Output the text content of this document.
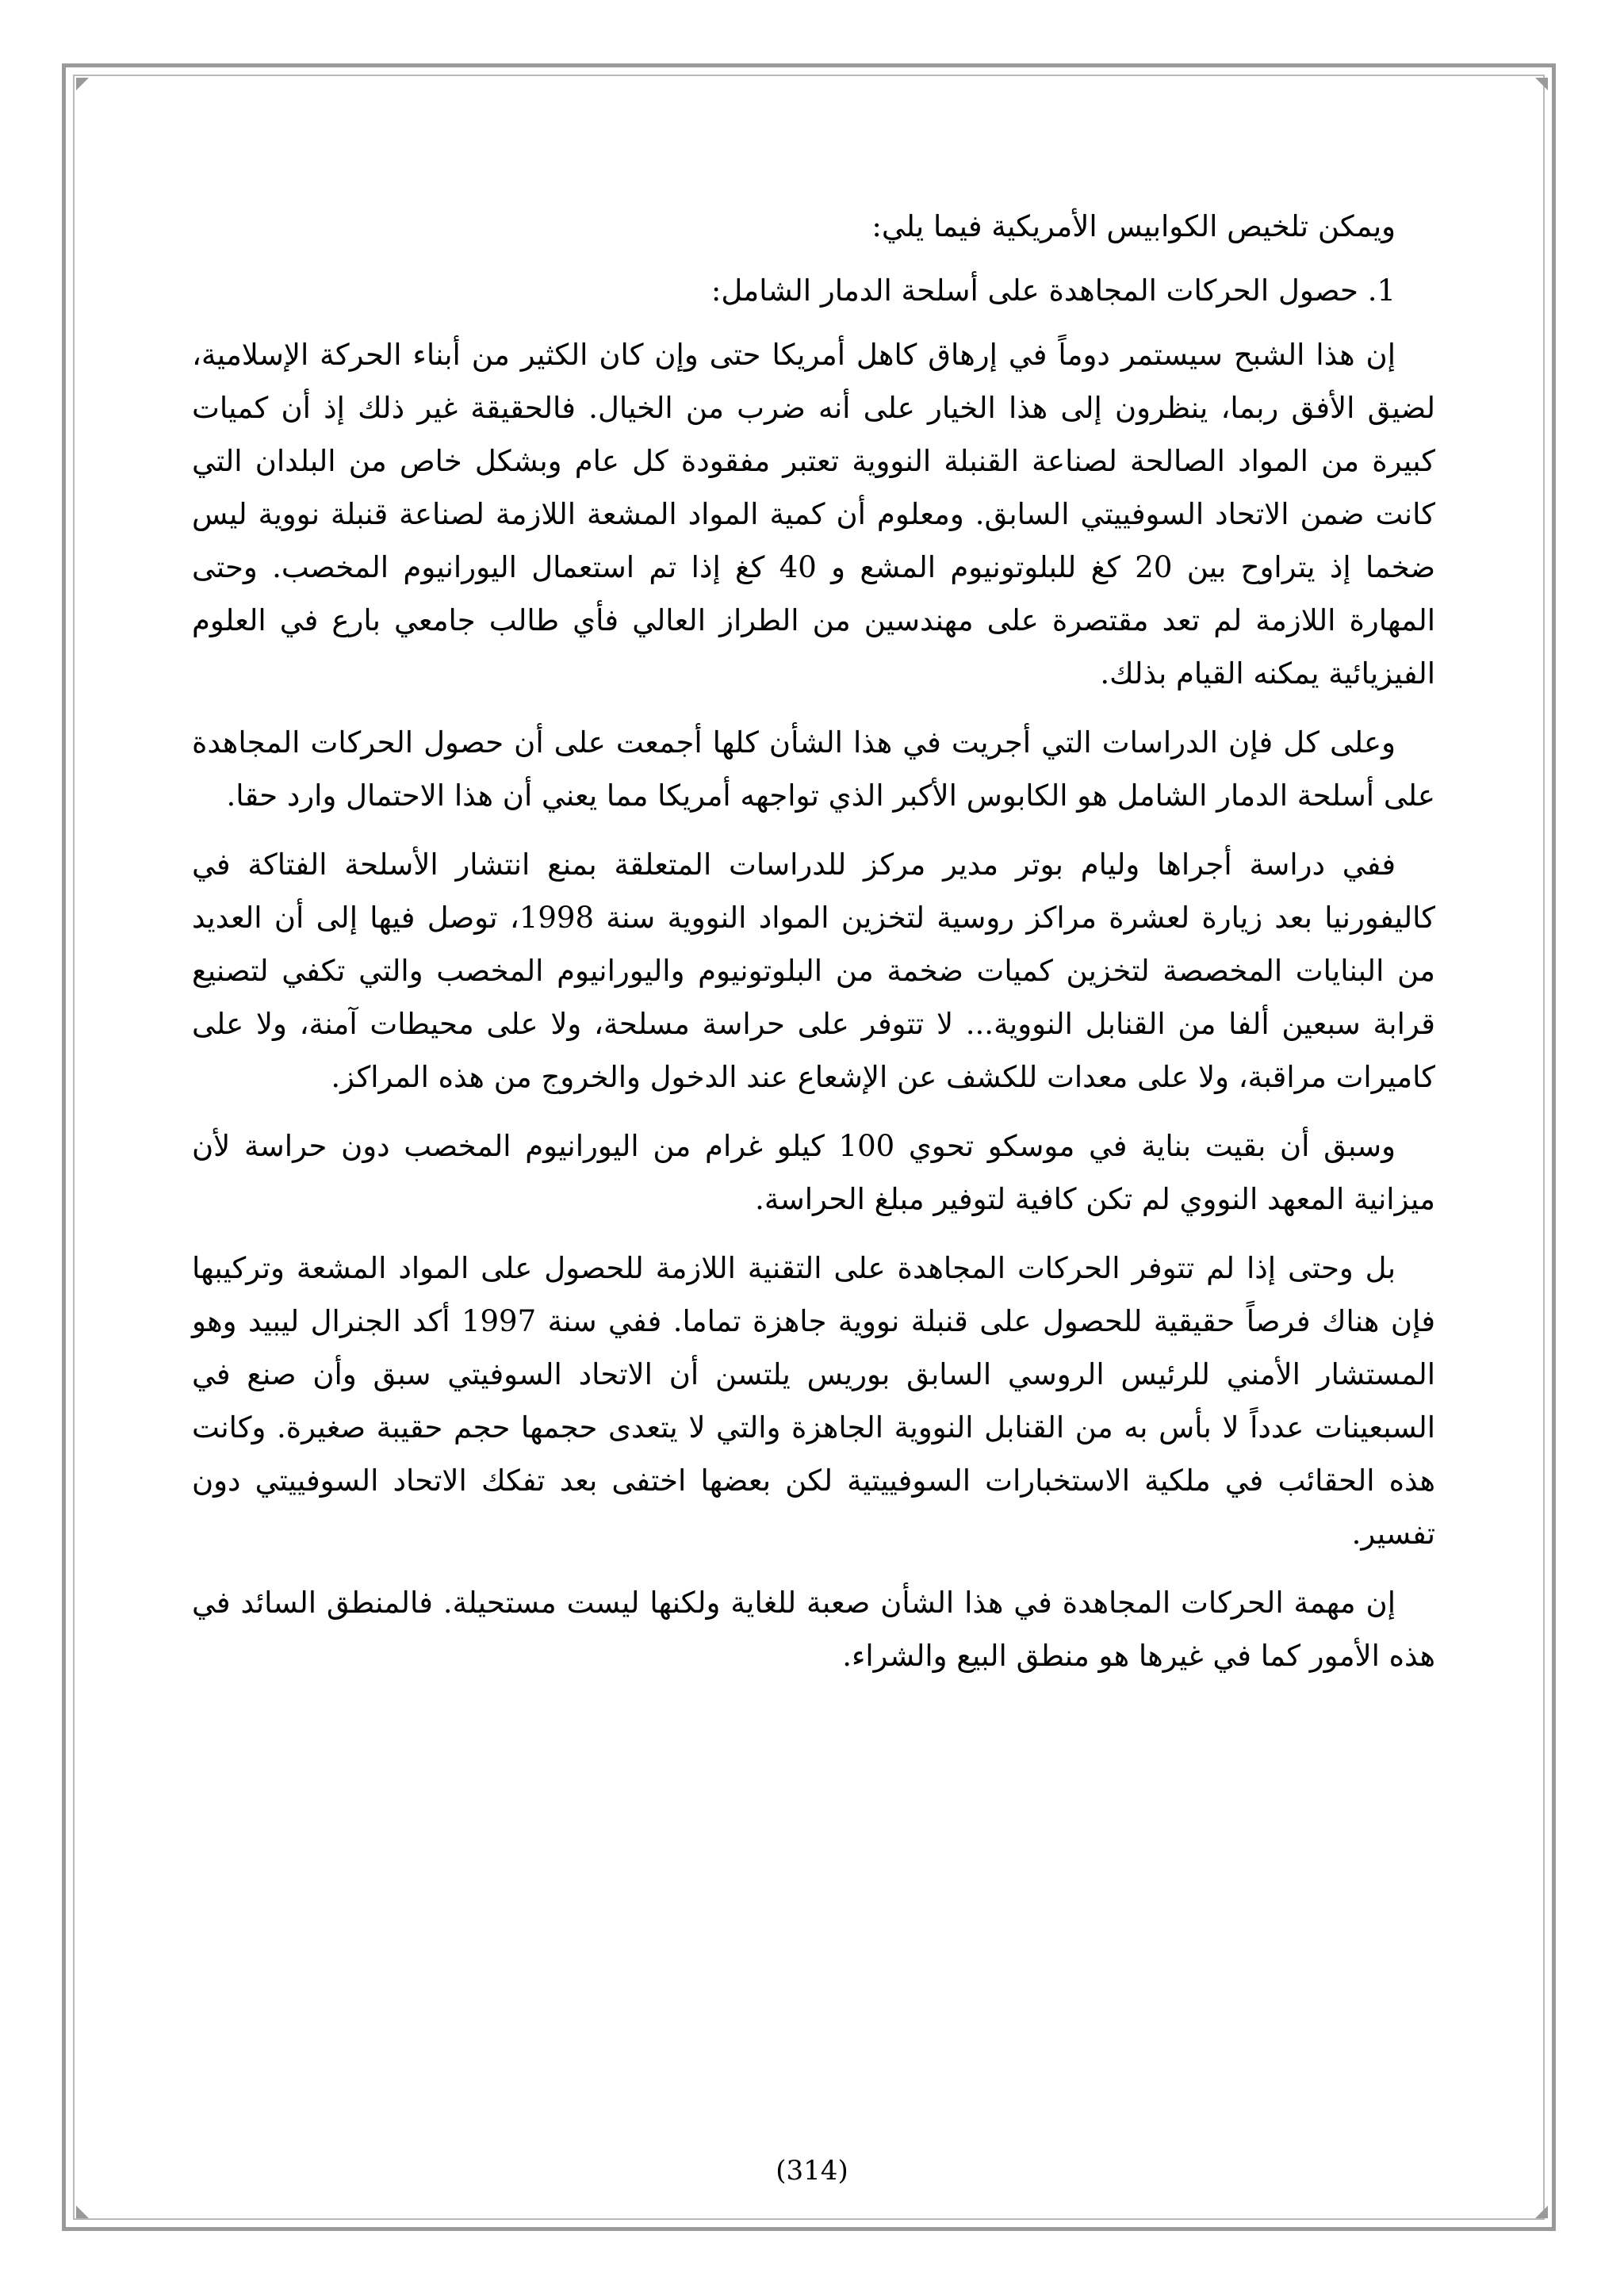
ويمكن تلخيص الكوابيس الأمريكية فيما يلي:

1. حصول الحركات المجاهدة على أسلحة الدمار الشامل:

إن هذا الشبح سيستمر دوماً في إرهاق كاهل أمريكا حتى وإن كان الكثير من أبناء الحركة الإسلامية، لضيق الأفق ربما، ينظرون إلى هذا الخيار على أنه ضرب من الخيال. فالحقيقة غير ذلك إذ أن كميات كبيرة من المواد الصالحة لصناعة القنبلة النووية تعتبر مفقودة كل عام وبشكل خاص من البلدان التي كانت ضمن الاتحاد السوفييتي السابق. ومعلوم أن كمية المواد المشعة اللازمة لصناعة قنبلة نووية ليس ضخما إذ يتراوح بين 20 كغ للبلوتونيوم المشع و 40 كغ إذا تم استعمال اليورانيوم المخصب. وحتى المهارة اللازمة لم تعد مقتصرة على مهندسين من الطراز العالي فأي طالب جامعي بارع في العلوم الفيزيائية يمكنه القيام بذلك.

وعلى كل فإن الدراسات التي أجريت في هذا الشأن كلها أجمعت على أن حصول الحركات المجاهدة على أسلحة الدمار الشامل هو الكابوس الأكبر الذي تواجهه أمريكا مما يعني أن هذا الاحتمال وارد حقا.

ففي دراسة أجراها وليام بوتر مدير مركز للدراسات المتعلقة بمنع انتشار الأسلحة الفتاكة في كاليفورنيا بعد زيارة لعشرة مراكز روسية لتخزين المواد النووية سنة 1998، توصل فيها إلى أن العديد من البنايات المخصصة لتخزين كميات ضخمة من البلوتونيوم واليورانيوم المخصب والتي تكفي لتصنيع قرابة سبعين ألفا من القنابل النووية... لا تتوفر على حراسة مسلحة، ولا على محيطات آمنة، ولا على كاميرات مراقبة، ولا على معدات للكشف عن الإشعاع عند الدخول والخروج من هذه المراكز.

وسبق أن بقيت بناية في موسكو تحوي 100 كيلو غرام من اليورانيوم المخصب دون حراسة لأن ميزانية المعهد النووي لم تكن كافية لتوفير مبلغ الحراسة.

بل وحتى إذا لم تتوفر الحركات المجاهدة على التقنية اللازمة للحصول على المواد المشعة وتركيبها فإن هناك فرصاً حقيقية للحصول على قنبلة نووية جاهزة تماما. ففي سنة 1997 أكد الجنرال ليبيد وهو المستشار الأمني للرئيس الروسي السابق بوريس يلتسن أن الاتحاد السوفيتي سبق وأن صنع في السبعينات عدداً لا بأس به من القنابل النووية الجاهزة والتي لا يتعدى حجمها حجم حقيبة صغيرة. وكانت هذه الحقائب في ملكية الاستخبارات السوفييتية لكن بعضها اختفى بعد تفكك الاتحاد السوفييتي دون تفسير.

إن مهمة الحركات المجاهدة في هذا الشأن صعبة للغاية ولكنها ليست مستحيلة. فالمنطق السائد في هذه الأمور كما في غيرها هو منطق البيع والشراء.

(314)
